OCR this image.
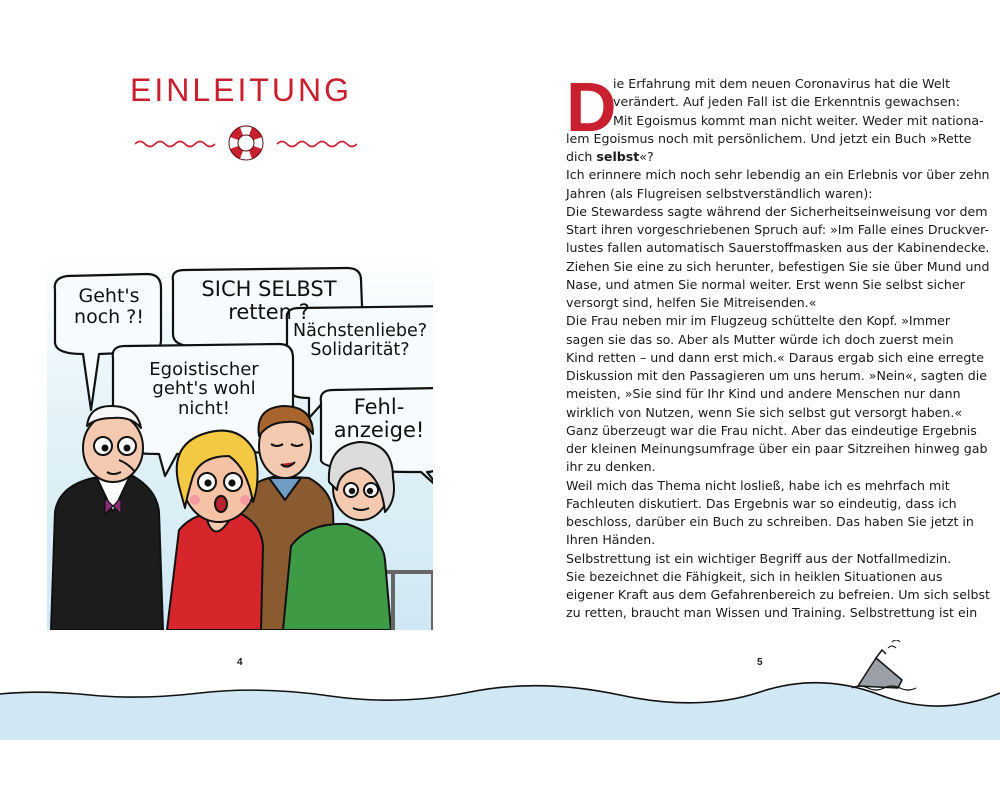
EINLEITUNG
Geht's
noch ?!
SICH SELBST
retten ?
Nächstenliebe?
Solidarität?
Egoistischer
geht's wohl
nicht!	Fehl-
anzeige!
4
D
ie Erfahrung mit dem neuen Coronavirus hat die Welt
verändert. Auf jeden Fall ist die Erkenntnis gewachsen:
Mit Egoismus kommt man nicht weiter. Weder mit nationa-
lem Egoismus noch mit persönlichem. Und jetzt ein Buch »Rette
dich selbst«?
Ich erinnere mich noch sehr lebendig an ein Erlebnis vor über zehn
Jahren (als Flugreisen selbstverständlich waren):
Die Stewardess sagte während der Sicherheitseinweisung vor dem
Start ihren vorgeschriebenen Spruch auf: »Im Falle eines Druckver-
lustes fallen automatisch Sauerstoffmasken aus der Kabinendecke.
Ziehen Sie eine zu sich herunter, befestigen Sie sie über Mund und
Nase, und atmen Sie normal weiter. Erst wenn Sie selbst sicher
versorgt sind, helfen Sie Mitreisenden.«
Die Frau neben mir im Flugzeug schüttelte den Kopf. »Immer
sagen sie das so. Aber als Mutter würde ich doch zuerst mein
Kind retten – und dann erst mich.« Daraus ergab sich eine erregte
Diskussion mit den Passagieren um uns herum. »Nein«, sagten die
meisten, »Sie sind für Ihr Kind und andere Menschen nur dann
wirklich von Nutzen, wenn Sie sich selbst gut versorgt haben.«
Ganz überzeugt war die Frau nicht. Aber das eindeutige Ergebnis
der kleinen Meinungsumfrage über ein paar Sitzreihen hinweg gab
ihr zu denken.
Weil mich das Thema nicht losließ, habe ich es mehrfach mit
Fachleuten diskutiert. Das Ergebnis war so eindeutig, dass ich
beschloss, darüber ein Buch zu schreiben. Das haben Sie jetzt in
Ihren Händen.
Selbstrettung ist ein wichtiger Begriff aus der Notfallmedizin.
Sie bezeichnet die Fähigkeit, sich in heiklen Situationen aus
eigener Kraft aus dem Gefahrenbereich zu befreien. Um sich selbst
zu retten, braucht man Wissen und Training. Selbstrettung ist ein
5
